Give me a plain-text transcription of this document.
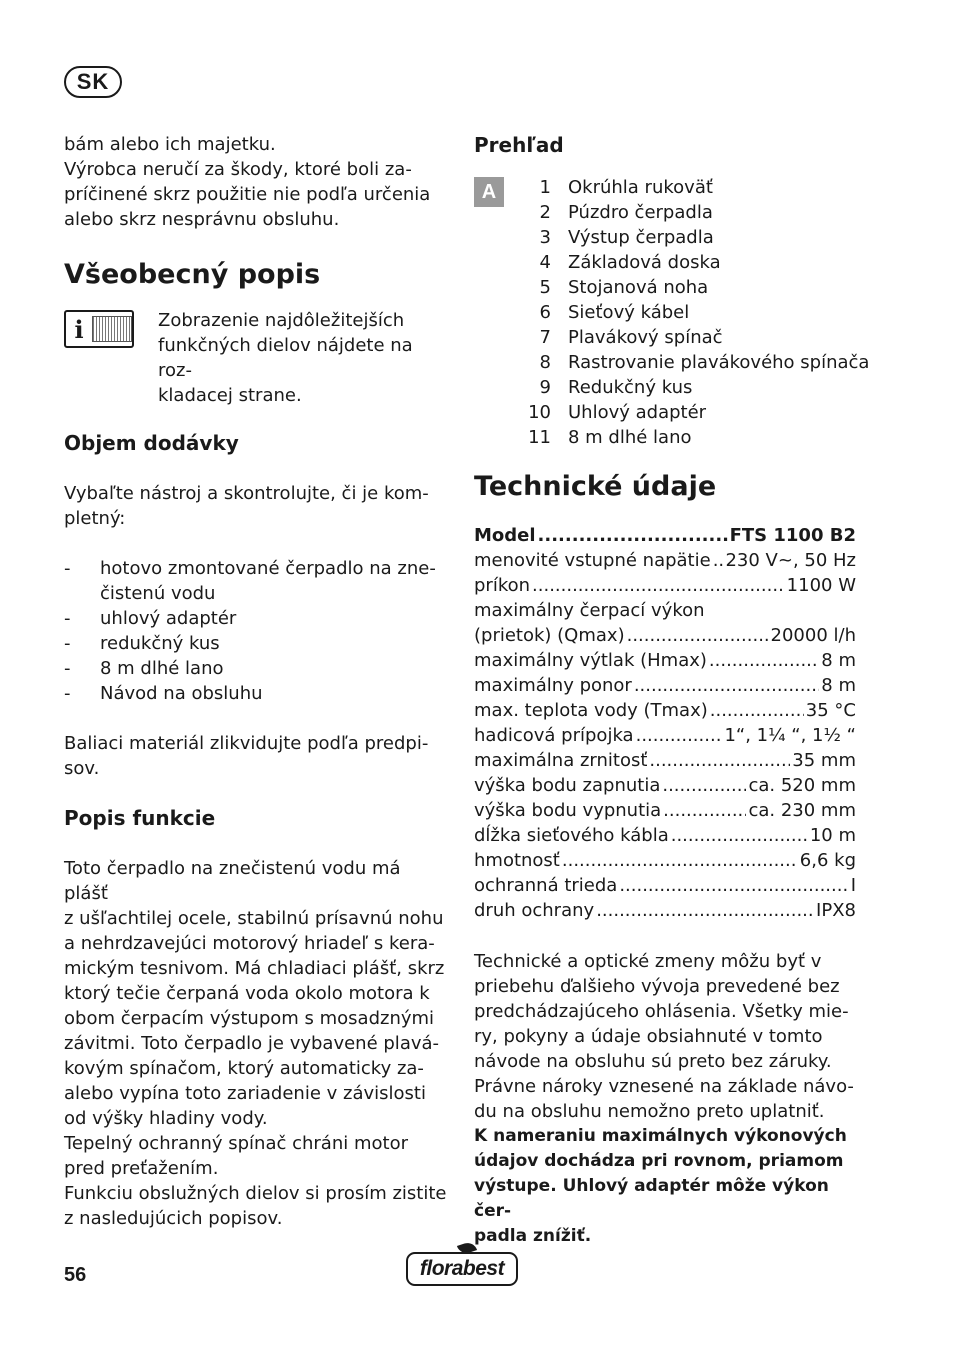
SK

bám alebo ich majetku.
Výrobca neručí za škody, ktoré boli za-
príčinené skrz použitie nie podľa určenia
alebo skrz nesprávnu obsluhu.

Všeobecný popis
i	Zobrazenie najdôležitejších
funkčných dielov nájdete na roz-
kladacej strane.

Objem dodávky

Vybaľte nástroj a skontrolujte, či je kom-
pletný:

- hotovo zmontované čerpadlo na zne-
čistenú vodu
- uhlový adaptér
- redukčný kus
- 8 m dlhé lano
- Návod na obsluhu

Baliaci materiál zlikvidujte podľa predpi-
sov.

Popis funkcie

Toto čerpadlo na znečistenú vodu má plášť
z ušľachtilej ocele, stabilnú prísavnú nohu
a nehrdzavejúci motorový hriadeľ s kera-
mickým tesnivom. Má chladiaci plášť, skrz
ktorý tečie čerpaná voda okolo motora k
obom čerpacím výstupom s mosadznými
závitmi. Toto čerpadlo je vybavené plavá-
kovým spínačom, ktorý automaticky za-
alebo vypína toto zariadenie v závislosti
od výšky hladiny vody.
Tepelný ochranný spínač chráni motor
pred preťažením.
Funkciu obslužných dielov si prosím zistite
z nasledujúcich popisov.

Prehľad
A	1 Okrúhla rukoväť
2 Púzdro čerpadla
3 Výstup čerpadla
4 Základová doska
5 Stojanová noha
6 Sieťový kábel
7 Plavákový spínač
8 Rastrovanie plavákového spínača
9 Redukčný kus
10 Uhlový adaptér
11 8 m dlhé lano
Technické údaje
Model .....	FTS 1100 B2
menovité vstupné napätie ..... 230 V~, 50 Hz
príkon .....	1100 W
maximálny čerpací výkon
(prietok) (Qmax) .....	20000 l/h
maximálny výtlak (Hmax) .....	8 m
maximálny ponor .....	8 m
max. teplota vody (Tmax) .....	35 °C
hadicová prípojka .....	1“, 1¼ “, 1½ “
maximálna zrnitosť .....	35 mm
výška bodu zapnutia .....	ca. 520 mm
výška bodu vypnutia .....	ca. 230 mm
dĺžka sieťového kábla .....	10 m
hmotnosť .....	6,6 kg
ochranná trieda .....	I
druh ochrany .....	IPX8

Technické a optické zmeny môžu byť v
priebehu ďalšieho vývoja prevedené bez
predchádzajúceho ohlásenia. Všetky mie-
ry, pokyny a údaje obsiahnuté v tomto
návode na obsluhu sú preto bez záruky.
Právne nároky vznesené na základe návo-
du na obsluhu nemožno preto uplatniť.

K nameraniu maximálnych výkonových
údajov dochádza pri rovnom, priamom
výstupe. Uhlový adaptér môže výkon čer-
padla znížiť.

56	florabest
